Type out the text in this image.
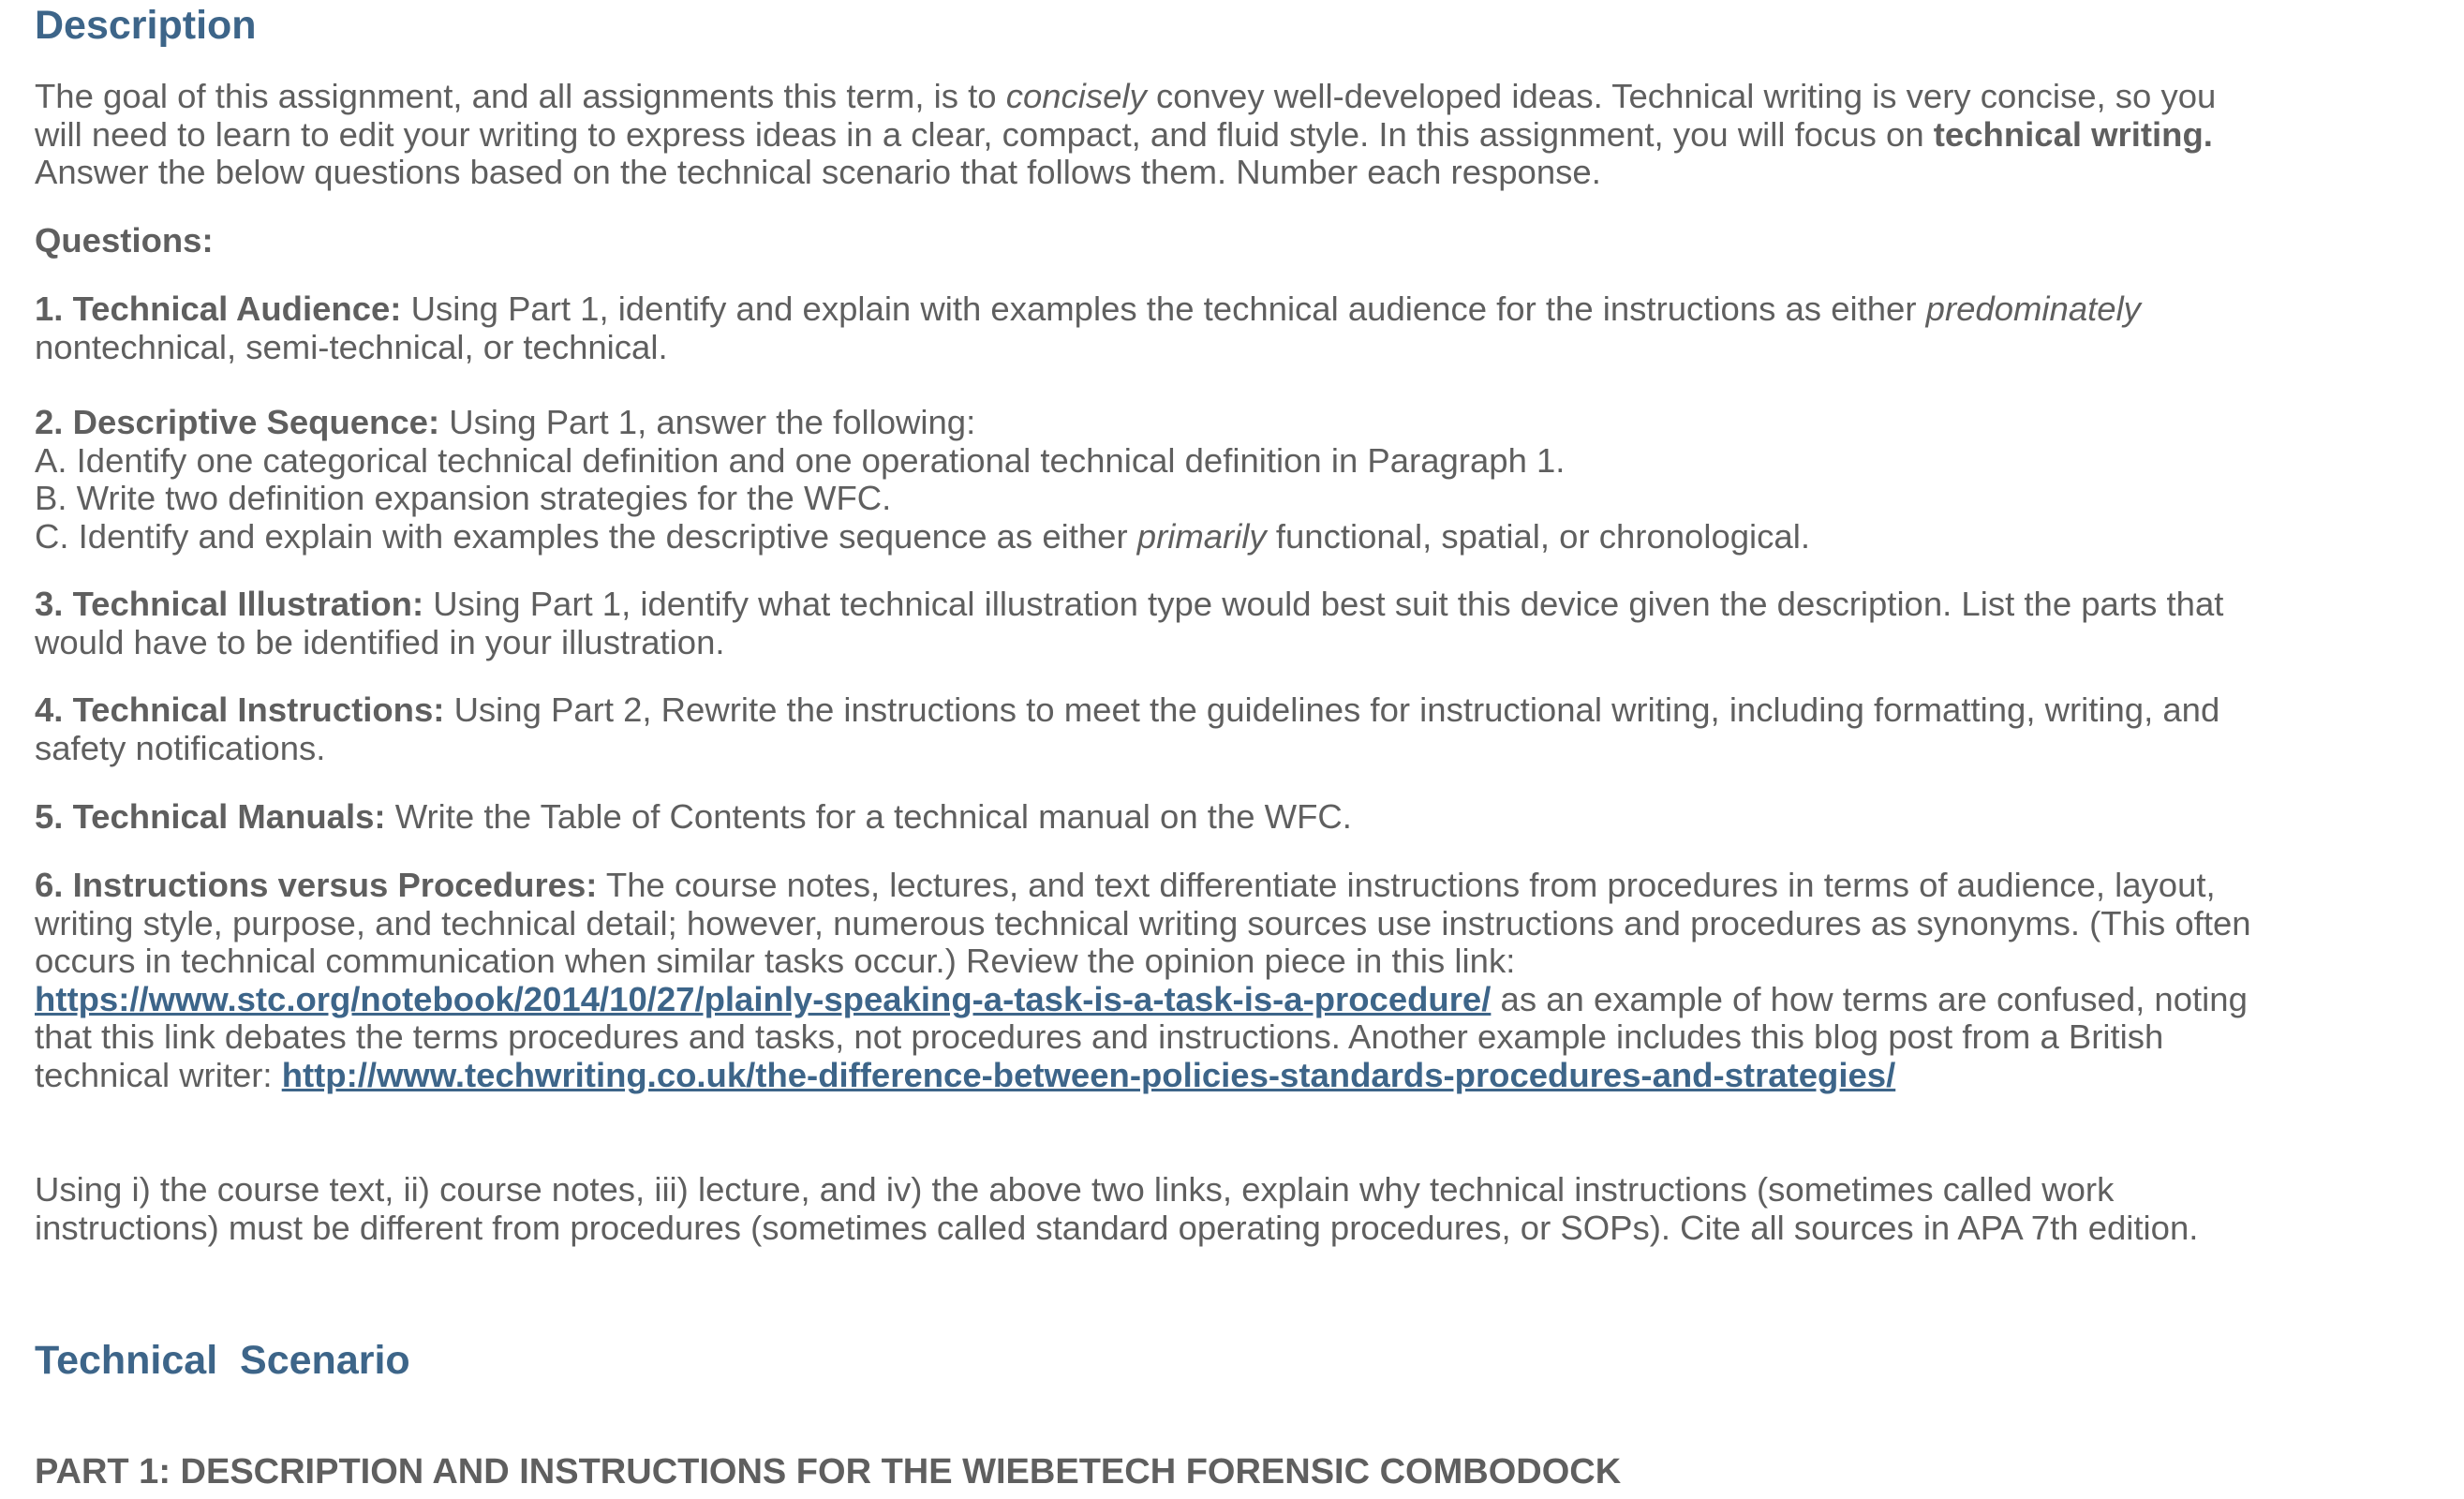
Description

The goal of this assignment, and all assignments this term, is to concisely convey well-developed ideas. Technical writing is very concise, so you will need to learn to edit your writing to express ideas in a clear, compact, and fluid style. In this assignment, you will focus on technical writing. Answer the below questions based on the technical scenario that follows them. Number each response.

Questions:

1. Technical Audience: Using Part 1, identify and explain with examples the technical audience for the instructions as either predominately nontechnical, semi-technical, or technical.

2. Descriptive Sequence: Using Part 1, answer the following:
A. Identify one categorical technical definition and one operational technical definition in Paragraph 1.
B. Write two definition expansion strategies for the WFC.
C. Identify and explain with examples the descriptive sequence as either primarily functional, spatial, or chronological.

3. Technical Illustration: Using Part 1, identify what technical illustration type would best suit this device given the description. List the parts that would have to be identified in your illustration.

4. Technical Instructions: Using Part 2, Rewrite the instructions to meet the guidelines for instructional writing, including formatting, writing, and safety notifications.

5. Technical Manuals: Write the Table of Contents for a technical manual on the WFC.

6. Instructions versus Procedures: The course notes, lectures, and text differentiate instructions from procedures in terms of audience, layout, writing style, purpose, and technical detail; however, numerous technical writing sources use instructions and procedures as synonyms. (This often occurs in technical communication when similar tasks occur.) Review the opinion piece in this link: https://www.stc.org/notebook/2014/10/27/plainly-speaking-a-task-is-a-task-is-a-procedure/ as an example of how terms are confused, noting that this link debates the terms procedures and tasks, not procedures and instructions. Another example includes this blog post from a British technical writer: http://www.techwriting.co.uk/the-difference-between-policies-standards-procedures-and-strategies/

Using i) the course text, ii) course notes, iii) lecture, and iv) the above two links, explain why technical instructions (sometimes called work instructions) must be different from procedures (sometimes called standard operating procedures, or SOPs). Cite all sources in APA 7th edition.

Technical  Scenario
PART 1: DESCRIPTION AND INSTRUCTIONS FOR THE WIEBETECH FORENSIC COMBODOCK
